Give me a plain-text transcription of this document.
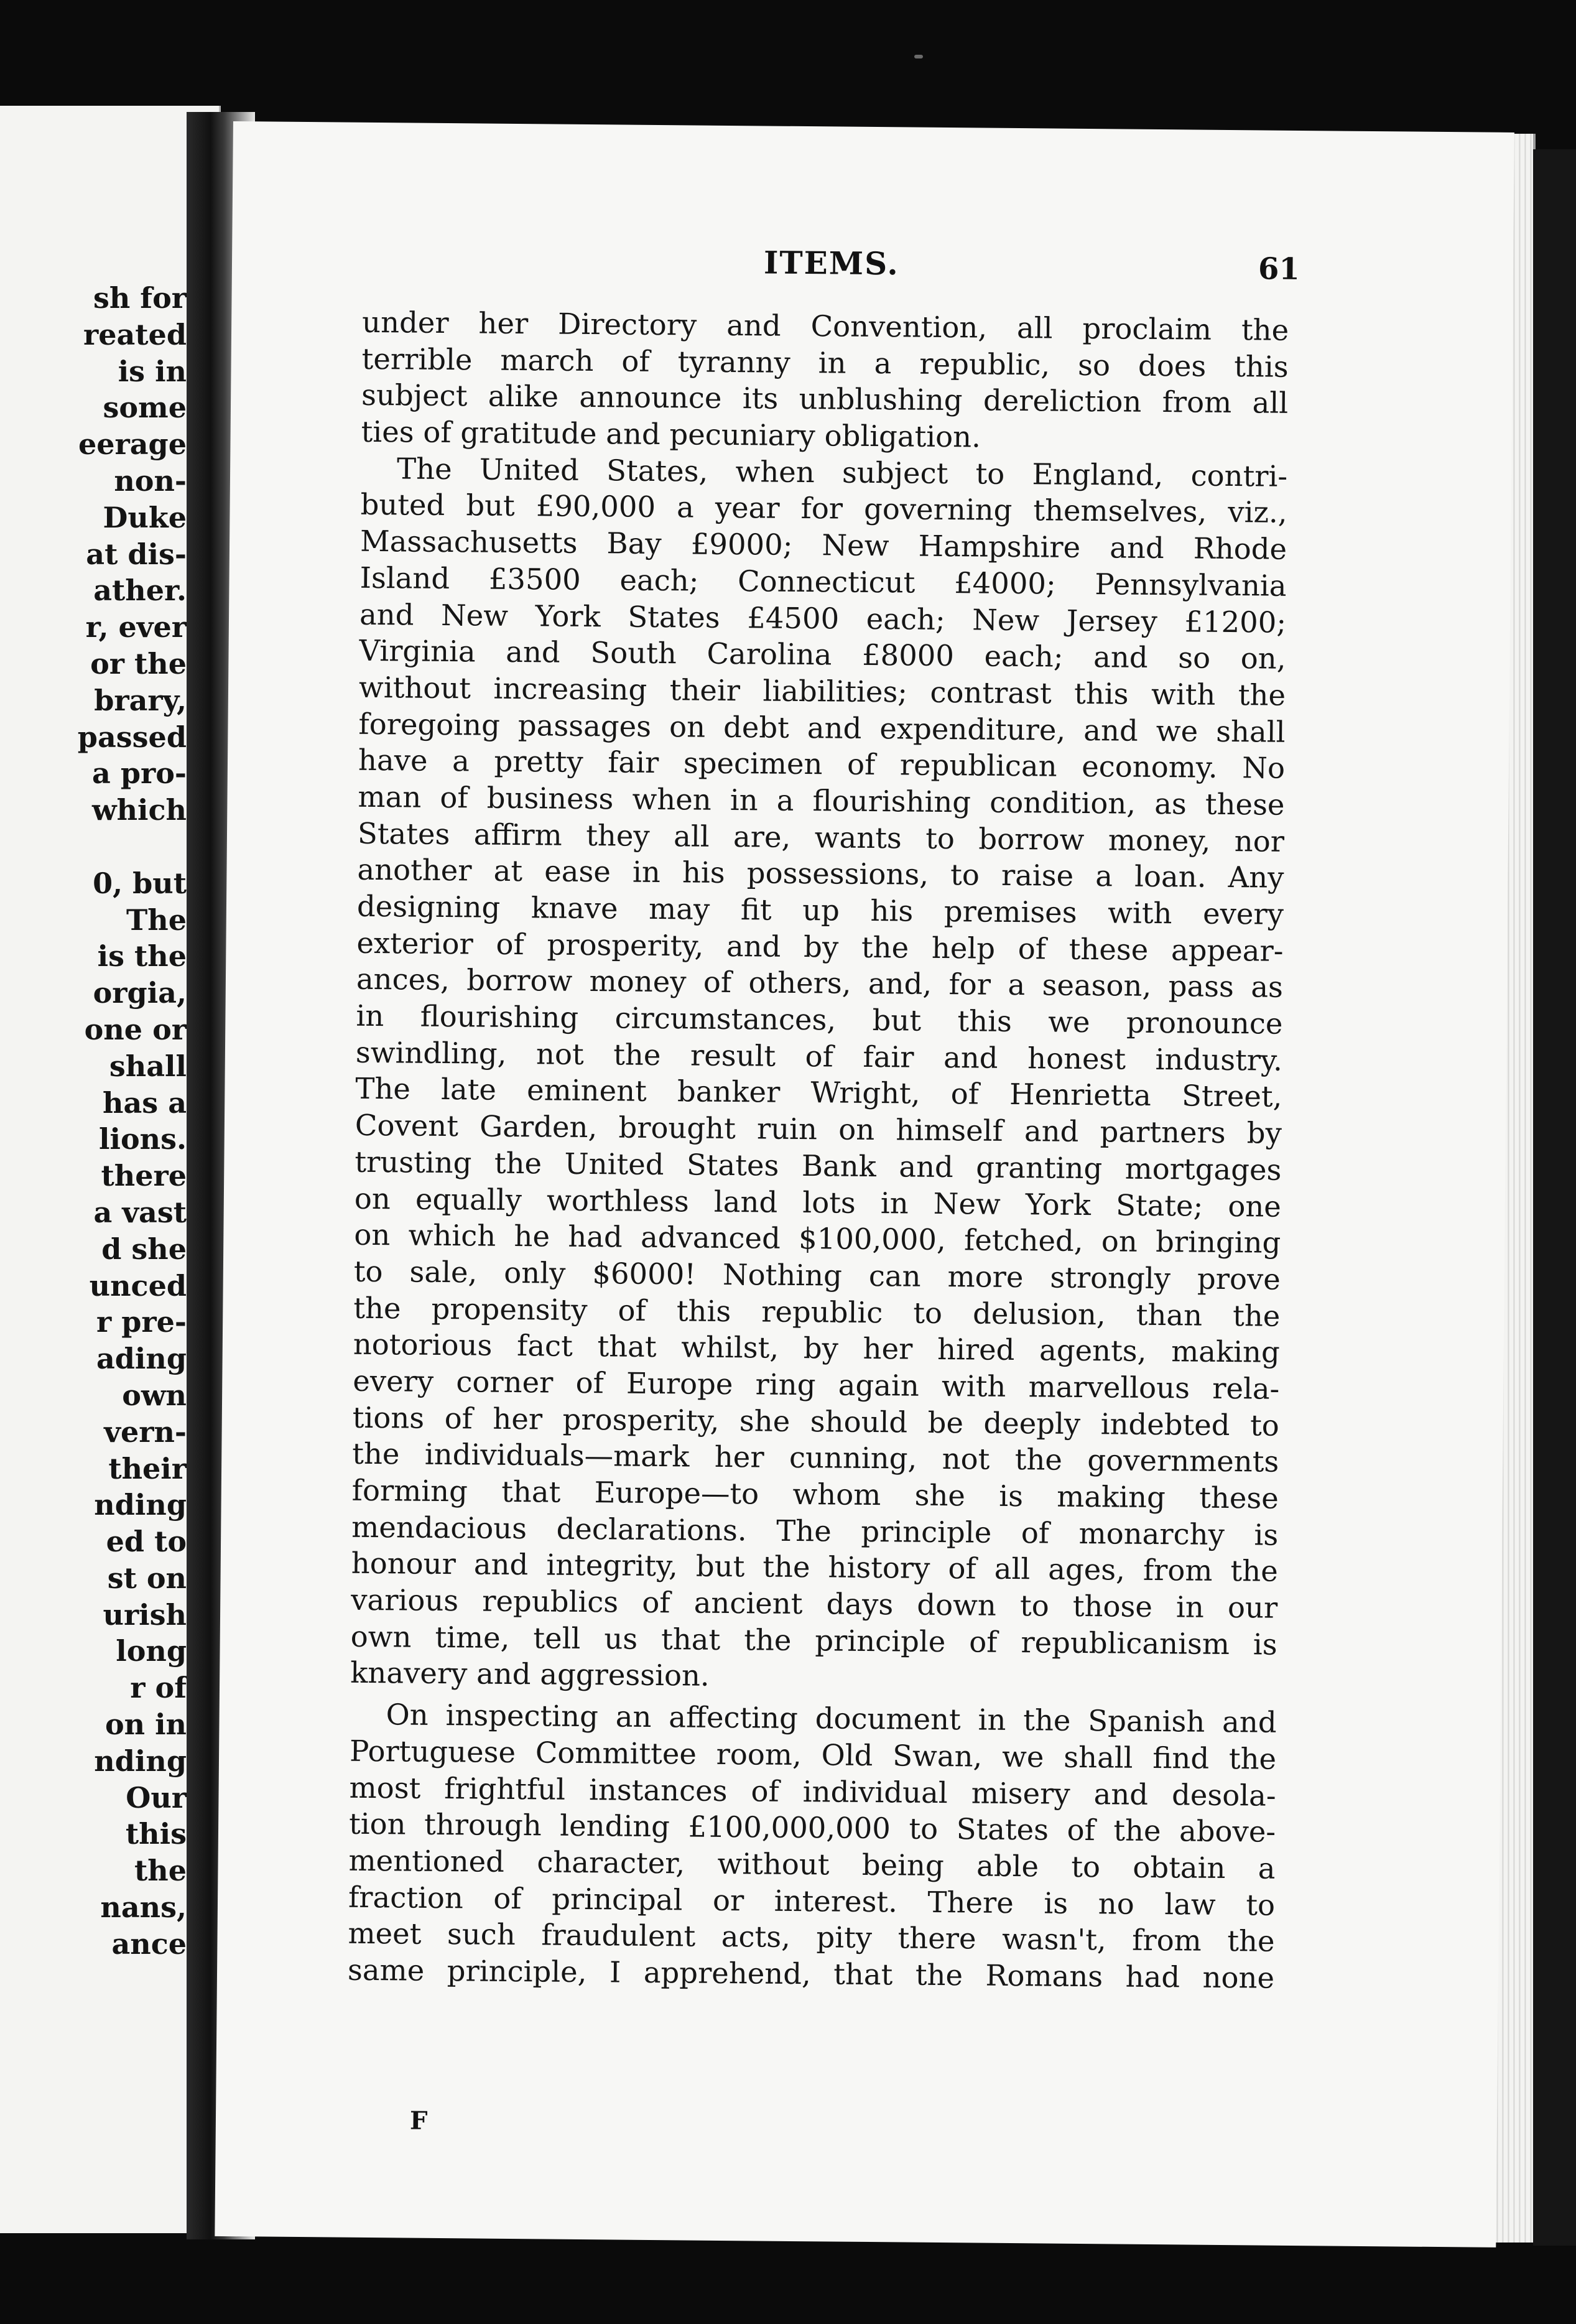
sh for
reated
is in
some
eerage
non-
Duke
at dis-
ather.
r, ever
or the
brary,
passed
a pro-
which
0, but
The
is the
orgia,
one or
shall
has a
lions.
there
a vast
d she
unced
r pre-
ading
own
vern-
their
nding
ed to
st on
urish
long
r of
on in
nding
Our
this
the
nans,
ance
ITEMS.	61
under her Directory and Convention, all proclaim the
terrible march of tyranny in a republic, so does this
subject alike announce its unblushing dereliction from all
ties of gratitude and pecuniary obligation.
The United States, when subject to England, contri-
buted but £90,000 a year for governing themselves, viz.,
Massachusetts Bay £9000; New Hampshire and Rhode
Island £3500 each; Connecticut £4000; Pennsylvania
and New York States £4500 each; New Jersey £1200;
Virginia and South Carolina £8000 each; and so on,
without increasing their liabilities; contrast this with the
foregoing passages on debt and expenditure, and we shall
have a pretty fair specimen of republican economy. No
man of business when in a flourishing condition, as these
States affirm they all are, wants to borrow money, nor
another at ease in his possessions, to raise a loan. Any
designing knave may fit up his premises with every
exterior of prosperity, and by the help of these appear-
ances, borrow money of others, and, for a season, pass as
in flourishing circumstances, but this we pronounce
swindling, not the result of fair and honest industry.
The late eminent banker Wright, of Henrietta Street,
Covent Garden, brought ruin on himself and partners by
trusting the United States Bank and granting mortgages
on equally worthless land lots in New York State; one
on which he had advanced $100,000, fetched, on bringing
to sale, only $6000! Nothing can more strongly prove
the propensity of this republic to delusion, than the
notorious fact that whilst, by her hired agents, making
every corner of Europe ring again with marvellous rela-
tions of her prosperity, she should be deeply indebted to
the individuals—mark her cunning, not the governments
forming that Europe—to whom she is making these
mendacious declarations. The principle of monarchy is
honour and integrity, but the history of all ages, from the
various republics of ancient days down to those in our
own time, tell us that the principle of republicanism is
knavery and aggression.
On inspecting an affecting document in the Spanish and
Portuguese Committee room, Old Swan, we shall find the
most frightful instances of individual misery and desola-
tion through lending £100,000,000 to States of the above-
mentioned character, without being able to obtain a
fraction of principal or interest. There is no law to
meet such fraudulent acts, pity there wasn't, from the
same principle, I apprehend, that the Romans had none
F
